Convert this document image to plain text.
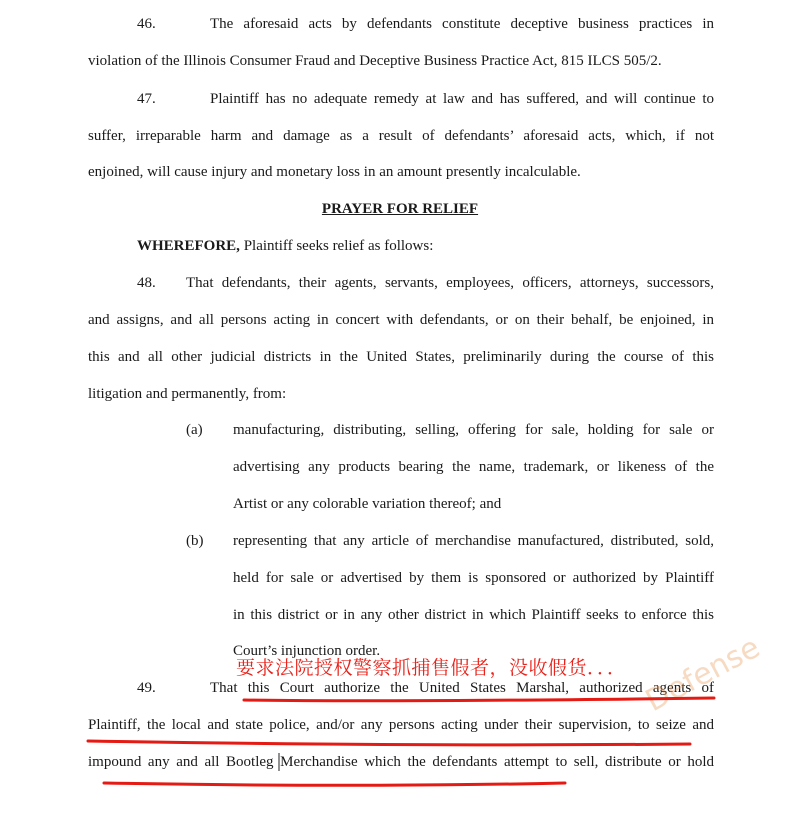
46.	The aforesaid acts by defendants constitute deceptive business practices in
violation of the Illinois Consumer Fraud and Deceptive Business Practice Act, 815 ILCS 505/2.
47.	Plaintiff has no adequate remedy at law and has suffered, and will continue to
suffer, irreparable harm and damage as a result of defendants’ aforesaid acts, which, if not
enjoined, will cause injury and monetary loss in an amount presently incalculable.
PRAYER FOR RELIEF
WHEREFORE, Plaintiff seeks relief as follows:
48. That defendants, their agents, servants, employees, officers, attorneys, successors,
and assigns, and all persons acting in concert with defendants, or on their behalf, be enjoined, in
this and all other judicial districts in the United States, preliminarily during the course of this
litigation and permanently, from:
(a) manufacturing, distributing, selling, offering for sale, holding for sale or
advertising any products bearing the name, trademark, or likeness of the
Artist or any colorable variation thereof; and
(b) representing that any article of merchandise manufactured, distributed, sold,
held for sale or advertised by them is sponsored or authorized by Plaintiff
in this district or in any other district in which Plaintiff seeks to enforce this
Court’s injunction order.
49.	That this Court authorize the United States Marshal, authorized agents of
Plaintiff, the local and state police, and/or any persons acting under their supervision, to seize and
impound any and all Bootleg Merchandise which the defendants attempt to sell, distribute or hold
Defense
要求法院授权警察抓捕售假者，没收假货．．．
